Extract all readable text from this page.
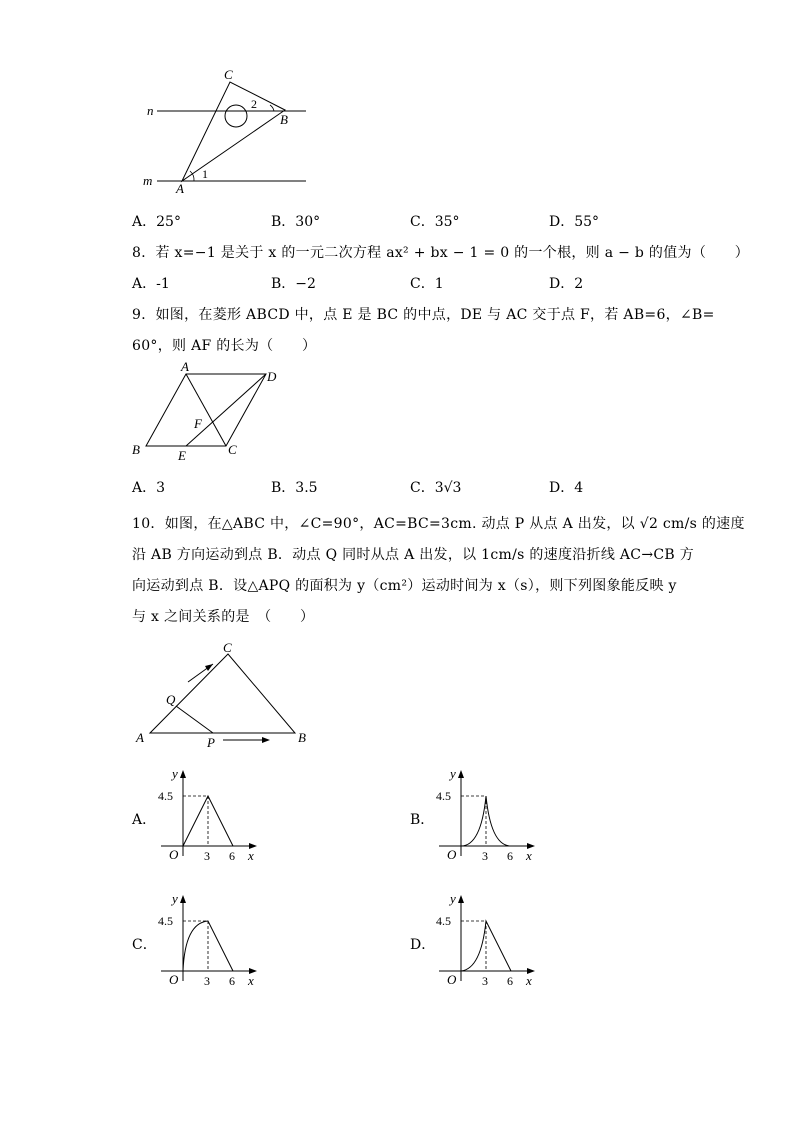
C
n	2
B
m
A
1
A．25°	B．30°	C．35°	D．55°
8．若 x=−1 是关于 x 的一元二次方程 ax² + bx − 1 = 0 的一个根，则 a − b 的值为（　　）
A．-1	B．−2	C．1	D．2
9．如图，在菱形 ABCD 中，点 E 是 BC 的中点，DE 与 AC 交于点 F，若 AB=6，∠B=
60°，则 AF 的长为（　　）
A
D
F
B	E	C
A．3	B．3.5	C．3√3	D．4
10．如图，在△ABC 中，∠C=90°，AC=BC=3cm. 动点 P 从点 A 出发，以 √2 cm/s 的速度
沿 AB 方向运动到点 B．动点 Q 同时从点 A 出发，以 1cm/s 的速度沿折线 AC→CB 方
向运动到点 B．设△APQ 的面积为 y（cm²）运动时间为 x（s），则下列图象能反映 y
与 x 之间关系的是　（　　）
C
Q
A	P	B
A．	B．
C．	D．
y
4.5
O 3 6 x
y
4.5
O 3 6 x
y
4.5
O 3 6 x
y
4.5
O 3 6 x
